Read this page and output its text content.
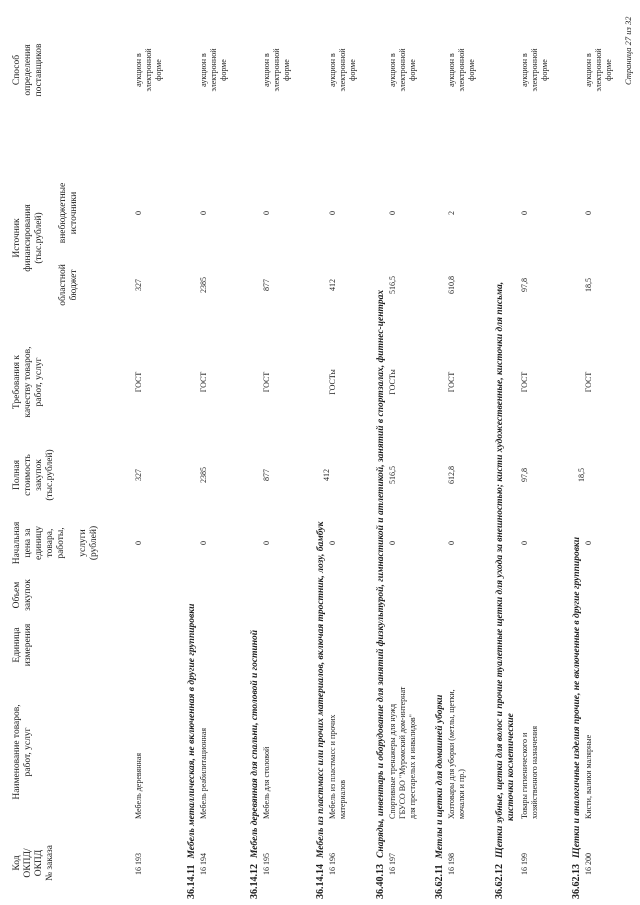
Код
ОКПД/
ОКПД
№ заказа
Наименование товаров,
работ, услуг
Единица
измерения
Объем
закупок
Начальная
цена за
единицу
товара,
работы,

услуги
(рублей)
Полная
стоимость
закупок
(тыс.рублей)
Требования к
качеству товаров,
работ, услуг
Источник
финансирования
(тыс.рублей)
областной
бюджет
внебюджетные
источники
Способ
определения
поставщиков
16 193
Мебель деревянная
0
327
ГОСТ
327
0
аукцион в
электронной
форме
36.14.11Мебель металлическая, не включенная в другие группировки
16 194
Мебель реабилитационная
0
2385
ГОСТ
2385
0
аукцион в
электронной
форме
36.14.12Мебель деревянная для спальни, столовой и гостиной
16 195
Мебель для столовой
0
877
ГОСТ
877
0
аукцион в
электронной
форме
36.14.14Мебель из пластмасс или прочих материалов, включая тростник, лозу, бамбук
16 196
Мебель из пластмасс и прочих
материалов
0
412
ГОСТы
412
0
аукцион в
электронной
форме
36.40.13Снаряды, инвентарь и оборудование для занятий физкультурой, гимнастикой и атлетикой, занятий в спортзалах, фитнес-центрах
16 197
Спортивные тренажеры для нужд
ГБУСО ВО "Муромский дом-интернат
для престарелых и инвалидов"
0
516,5
ГОСТы
516,5
0
аукцион в
электронной
форме
36.62.11Метлы и щетки для домашней уборки
16 198
Хозтовары для уборки (метлы, щетки,
мочалки и пр.)
0
612,8
ГОСТ
610,8
2
аукцион в
электронной
форме
36.62.12Щетки зубные, щетки для волос и прочие туалетные щетки для ухода за внешностью; кисти художественные, кисточки для письма, кисточки косметические
16 199
Товары гигиенического и
хозяйственного назначения
0
97,8
ГОСТ
97,8
0
аукцион в
электронной
форме
36.62.13Щетки и аналогичные изделия прочие, не включенные в другие группировки
16 200
Кисти, валики малярные
0
18,5
ГОСТ
18,5
0
аукцион в
электронной
форме Страница 27 из 32
